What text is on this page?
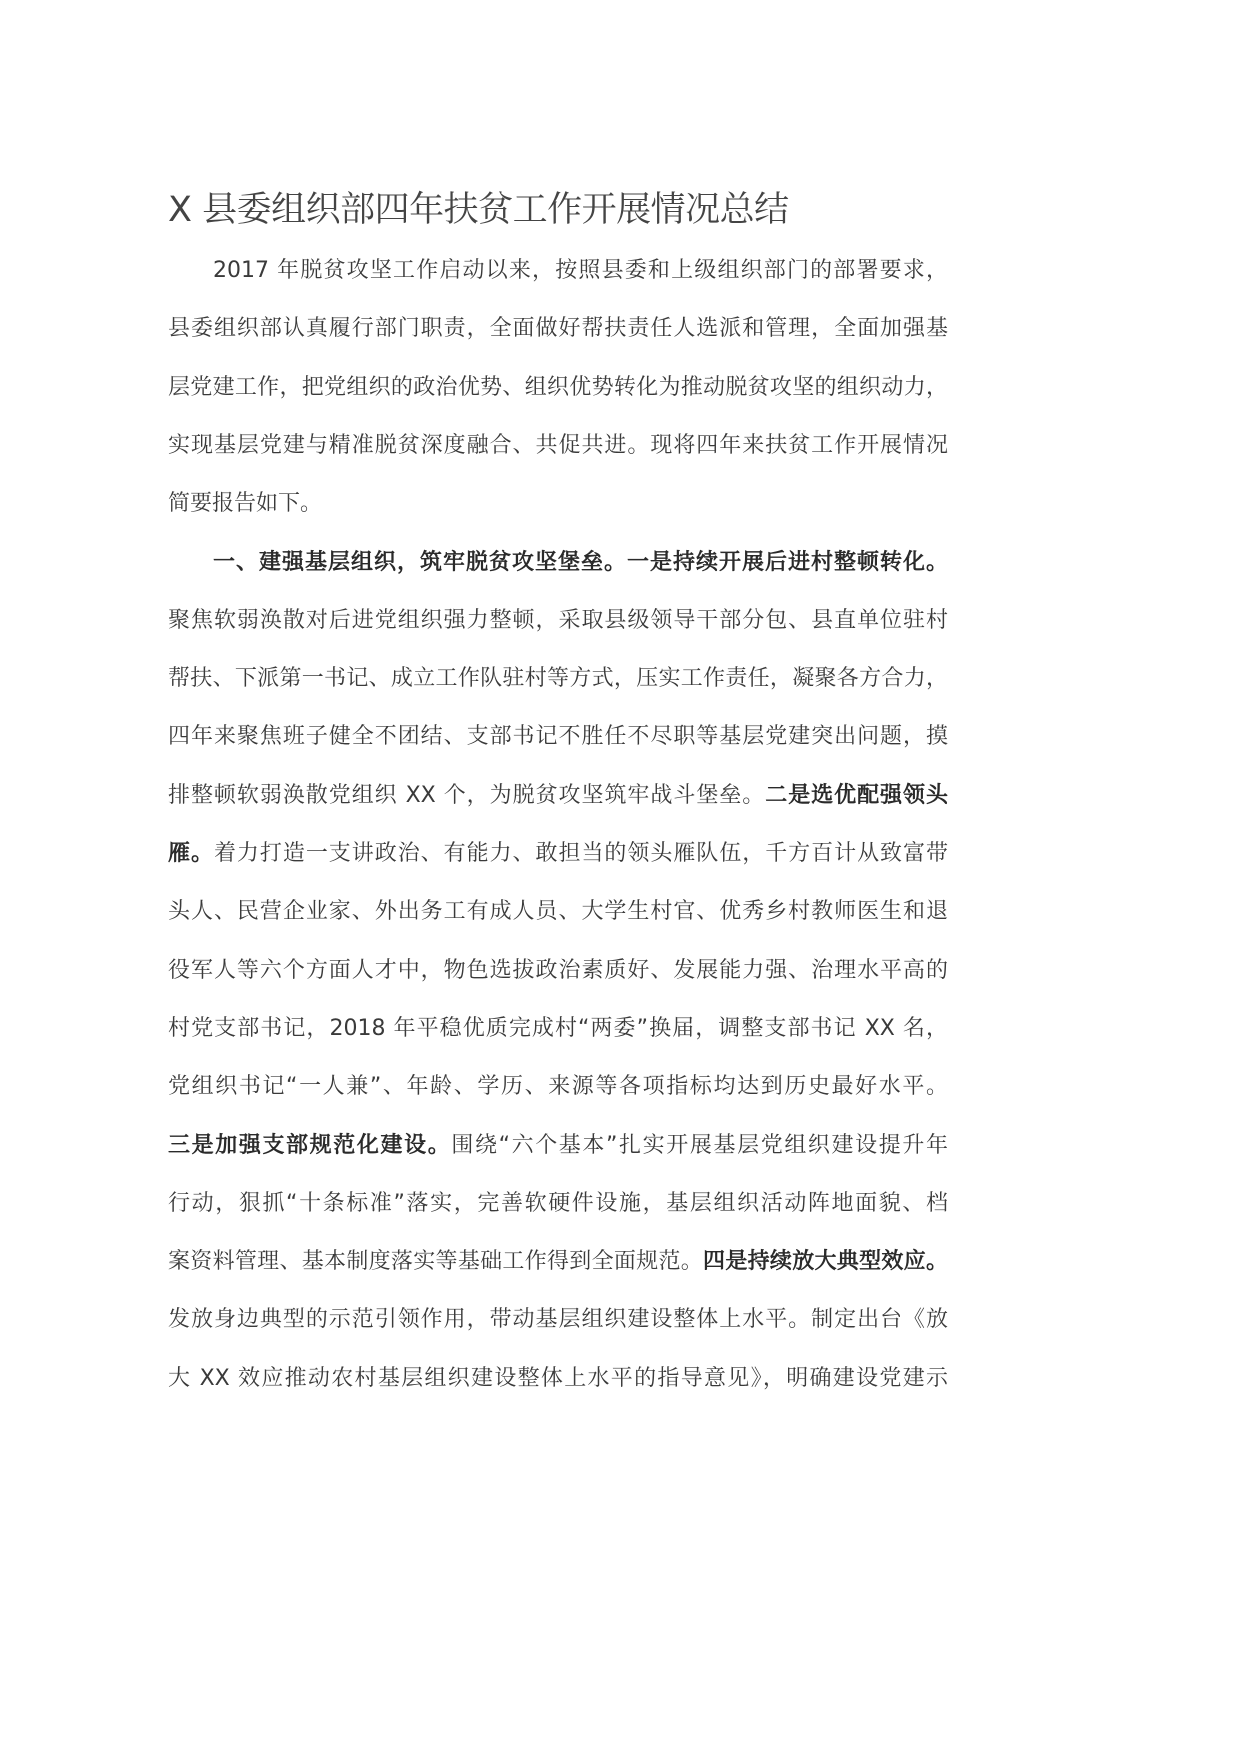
X 县委组织部四年扶贫工作开展情况总结
2017 年脱贫攻坚工作启动以来，按照县委和上级组织部门的部署要求，
县委组织部认真履行部门职责，全面做好帮扶责任人选派和管理，全面加强基
层党建工作，把党组织的政治优势、组织优势转化为推动脱贫攻坚的组织动力，
实现基层党建与精准脱贫深度融合、共促共进。现将四年来扶贫工作开展情况
简要报告如下。
一、建强基层组织，筑牢脱贫攻坚堡垒。一是持续开展后进村整顿转化。
聚焦软弱涣散对后进党组织强力整顿，采取县级领导干部分包、县直单位驻村
帮扶、下派第一书记、成立工作队驻村等方式，压实工作责任，凝聚各方合力，
四年来聚焦班子健全不团结、支部书记不胜任不尽职等基层党建突出问题，摸
排整顿软弱涣散党组织 XX 个，为脱贫攻坚筑牢战斗堡垒。二是选优配强领头
雁。着力打造一支讲政治、有能力、敢担当的领头雁队伍，千方百计从致富带
头人、民营企业家、外出务工有成人员、大学生村官、优秀乡村教师医生和退
役军人等六个方面人才中，物色选拔政治素质好、发展能力强、治理水平高的
村党支部书记，2018 年平稳优质完成村“两委”换届，调整支部书记 XX 名，
党组织书记“一人兼”、年龄、学历、来源等各项指标均达到历史最好水平。
三是加强支部规范化建设。围绕“六个基本”扎实开展基层党组织建设提升年
行动，狠抓“十条标准”落实，完善软硬件设施，基层组织活动阵地面貌、档
案资料管理、基本制度落实等基础工作得到全面规范。四是持续放大典型效应。
发放身边典型的示范引领作用，带动基层组织建设整体上水平。制定出台《放
大 XX 效应推动农村基层组织建设整体上水平的指导意见》，明确建设党建示
